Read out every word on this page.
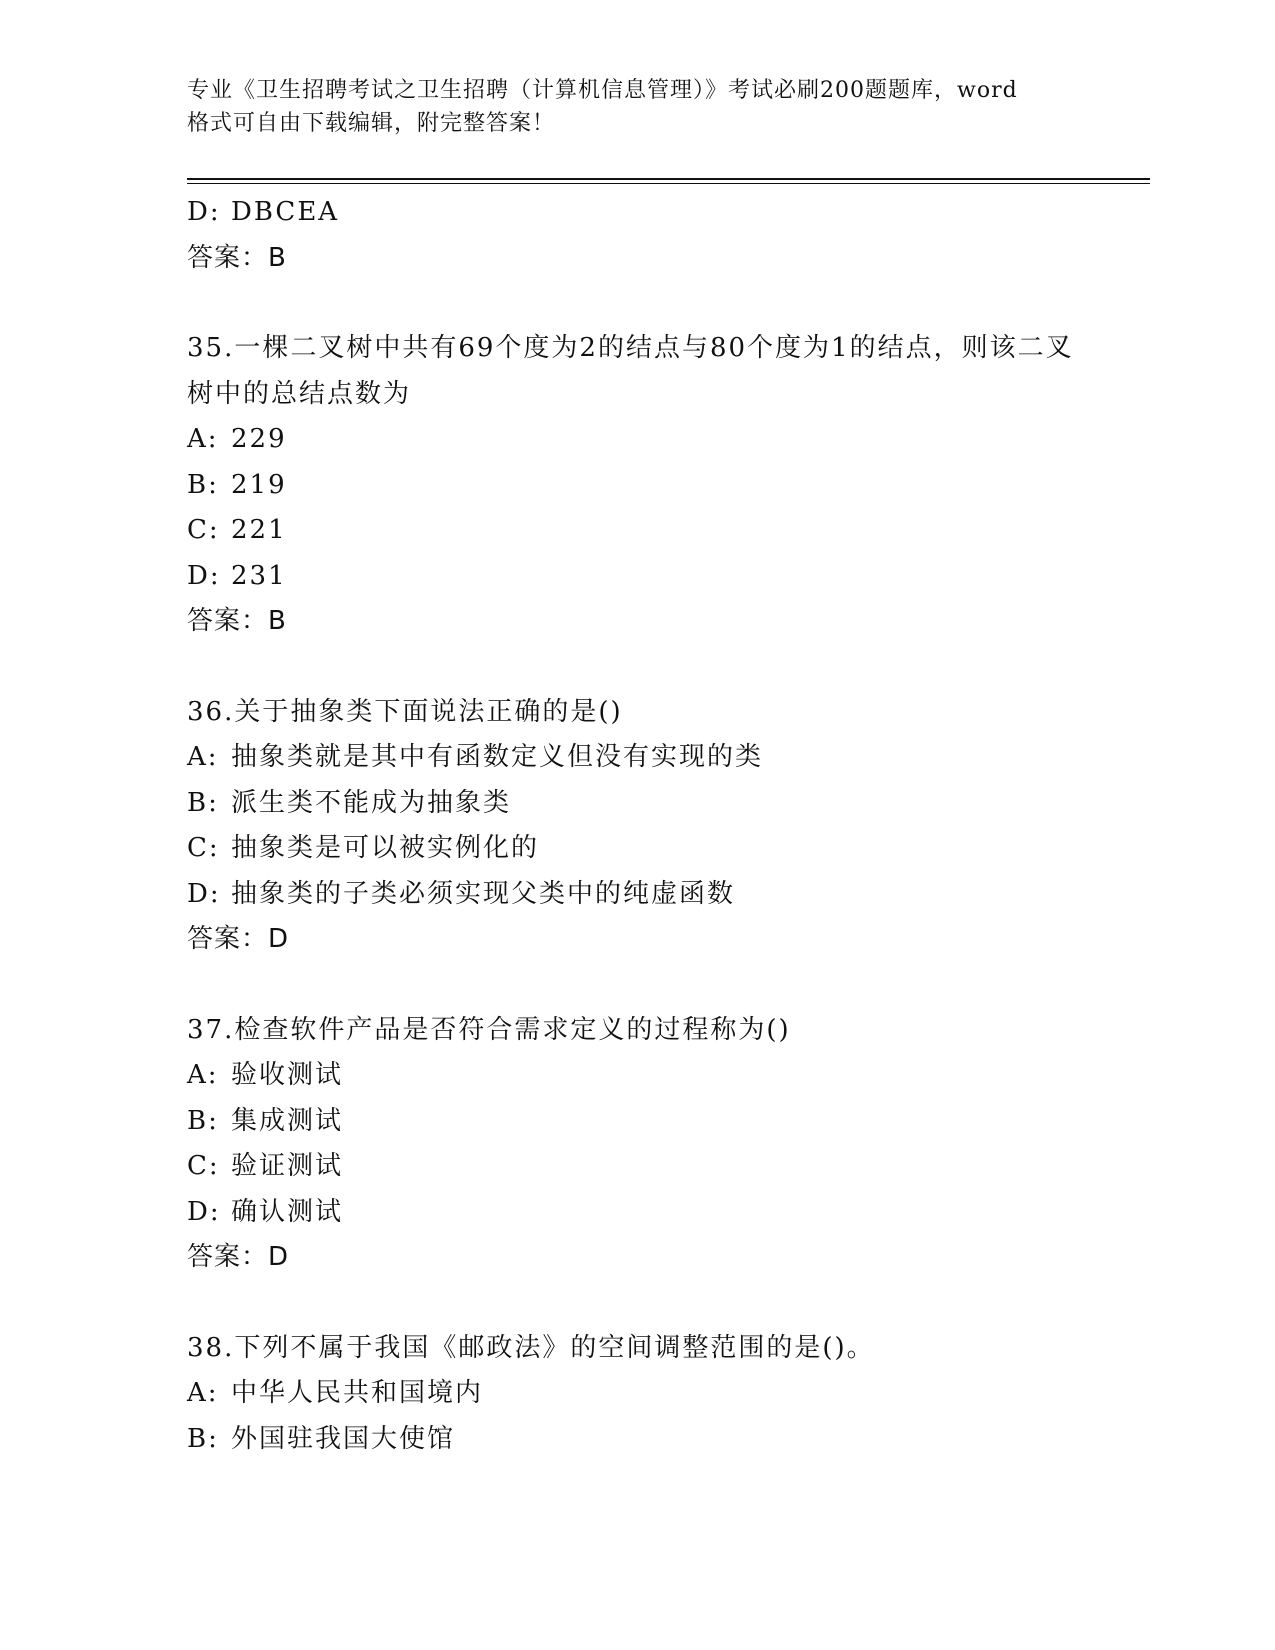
专业《卫生招聘考试之卫生招聘（计算机信息管理）》考试必刷200题题库，word
格式可自由下载编辑，附完整答案！
D: DBCEA
答案：B
35.一棵二叉树中共有69个度为2的结点与80个度为1的结点，则该二叉树中的总结点数为
A: 229
B: 219
C: 221
D: 231
答案：B
36.关于抽象类下面说法正确的是()
A: 抽象类就是其中有函数定义但没有实现的类
B: 派生类不能成为抽象类
C: 抽象类是可以被实例化的
D: 抽象类的子类必须实现父类中的纯虚函数
答案：D
37.检查软件产品是否符合需求定义的过程称为()
A: 验收测试
B: 集成测试
C: 验证测试
D: 确认测试
答案：D
38.下列不属于我国《邮政法》的空间调整范围的是()。
A: 中华人民共和国境内
B: 外国驻我国大使馆
